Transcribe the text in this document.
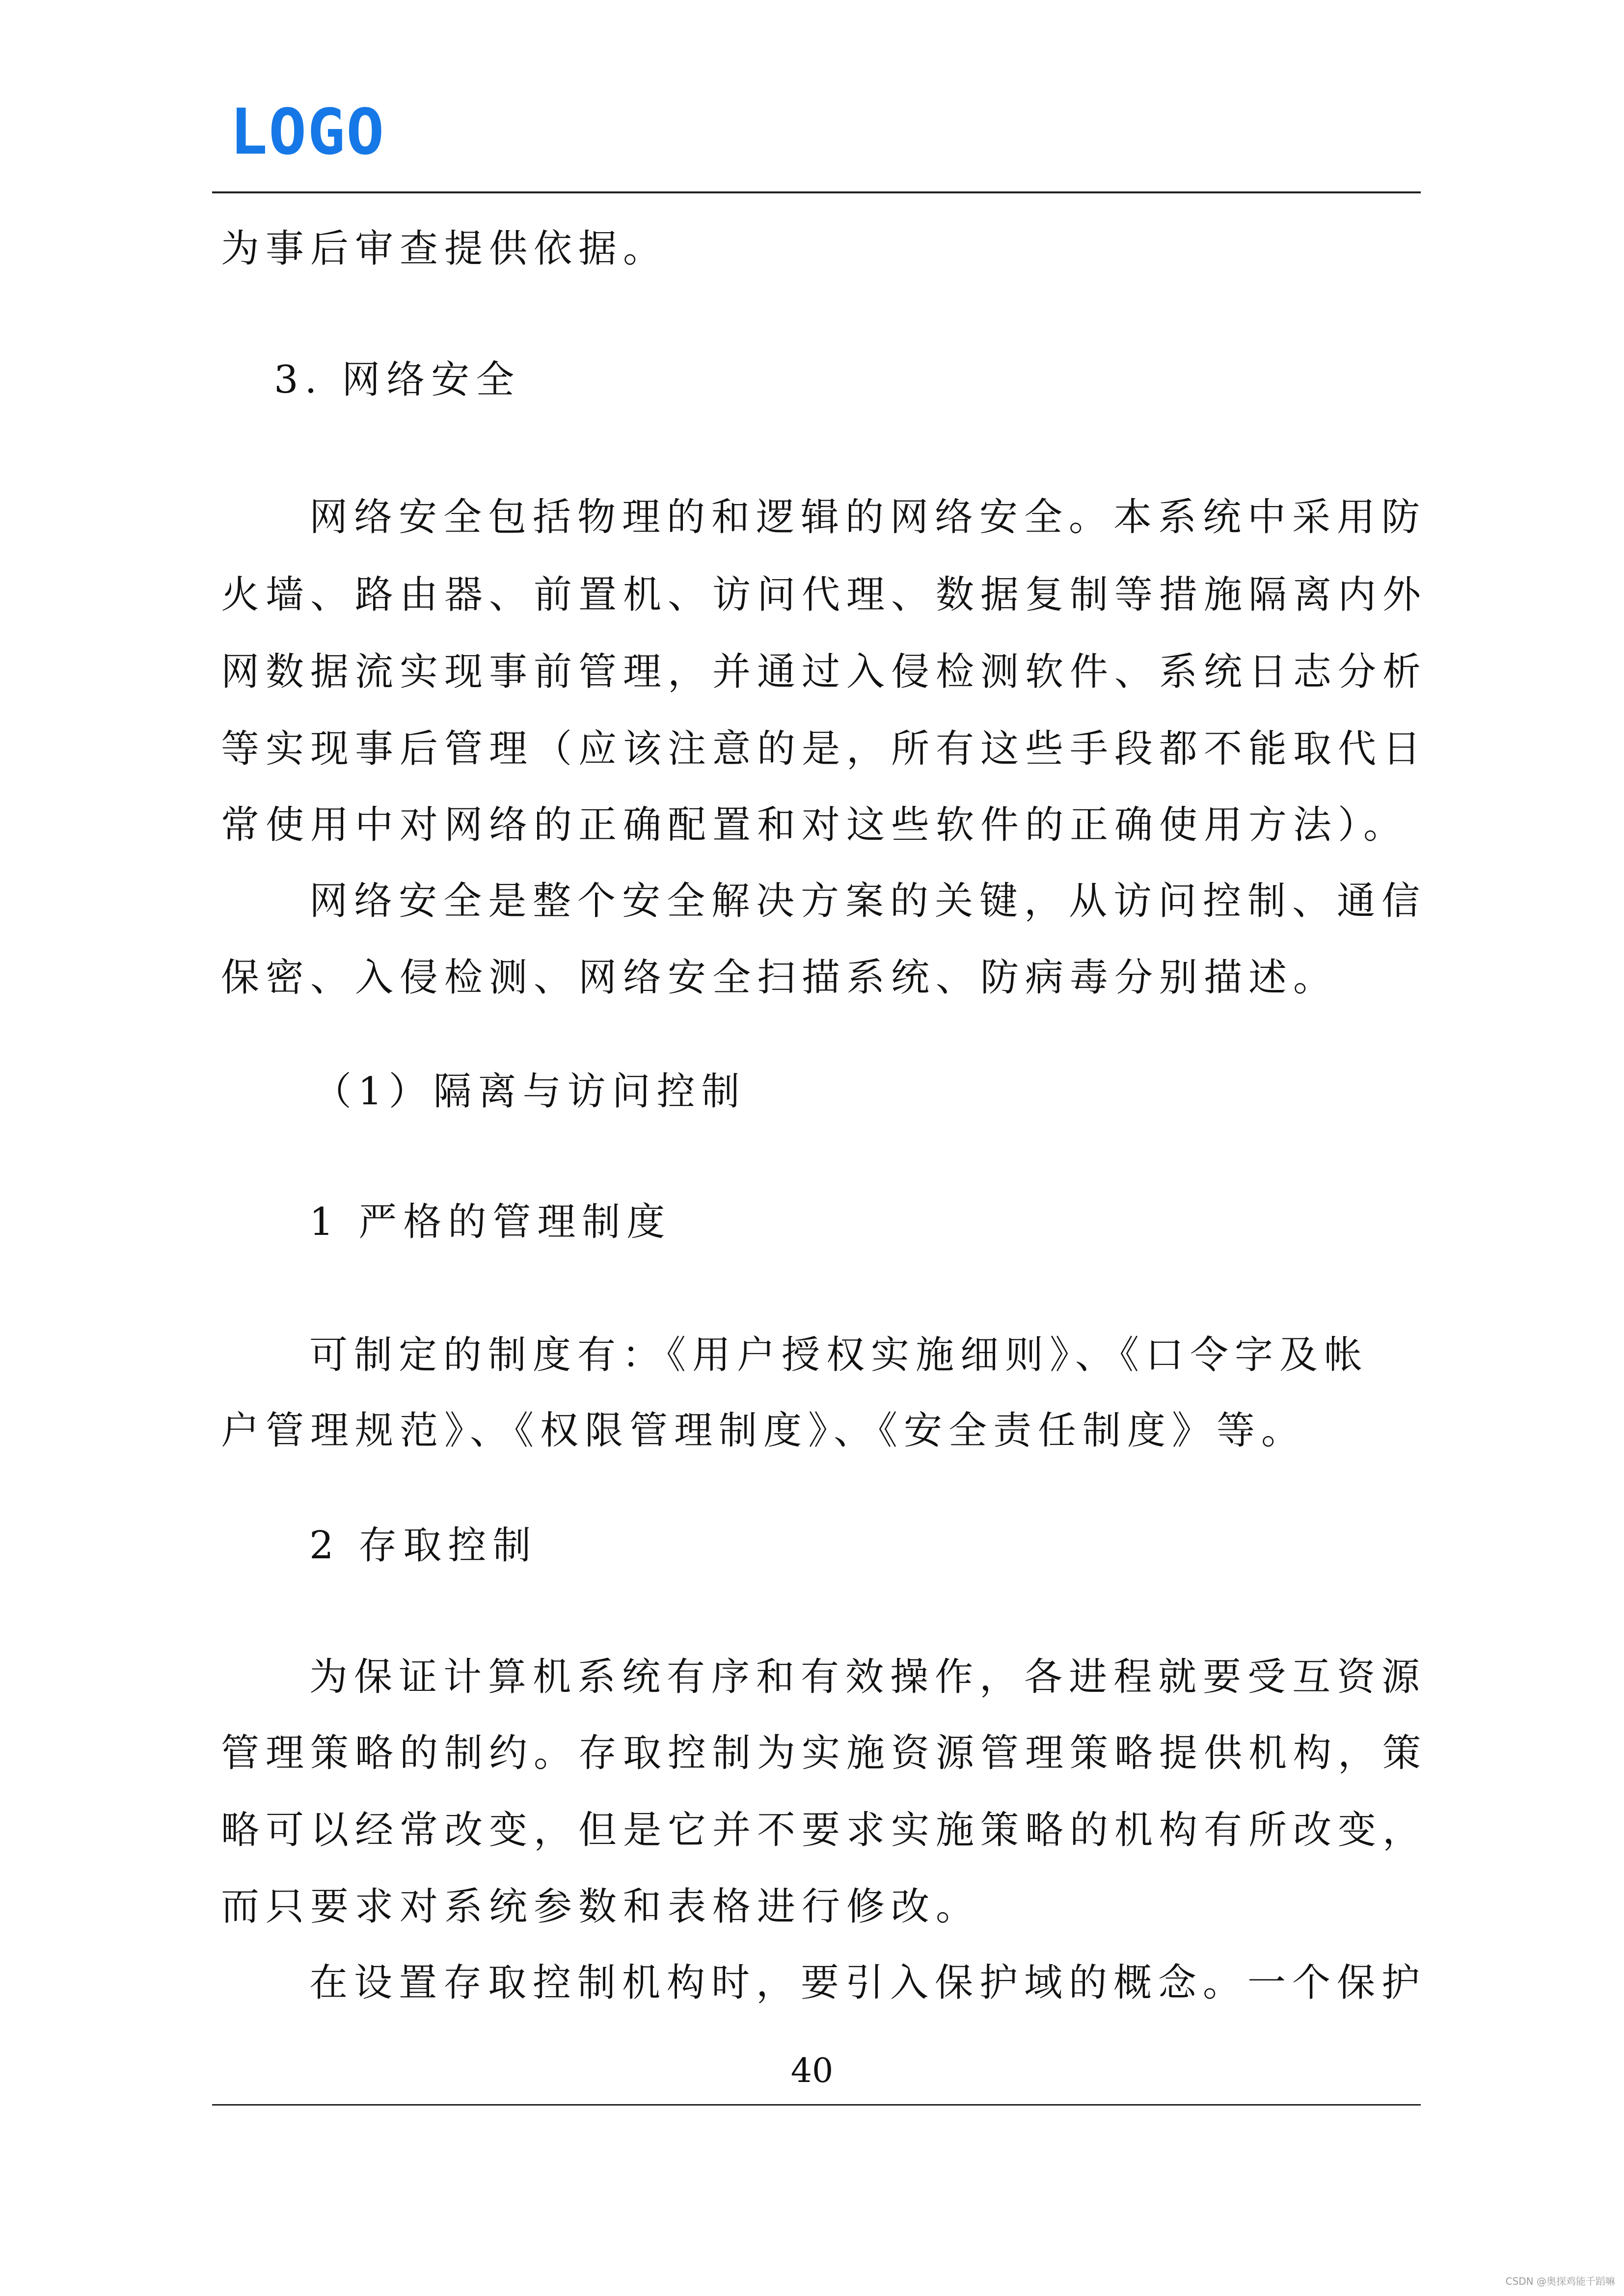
LOGO
为事后审查提供依据。
3. 网络安全
网络安全包括物理的和逻辑的网络安全。本系统中采用防
火墙、路由器、前置机、访问代理、数据复制等措施隔离内外
网数据流实现事前管理，并通过入侵检测软件、系统日志分析
等实现事后管理（应该注意的是，所有这些手段都不能取代日
常使用中对网络的正确配置和对这些软件的正确使用方法）。
网络安全是整个安全解决方案的关键，从访问控制、通信
保密、入侵检测、网络安全扫描系统、防病毒分别描述。
（1）隔离与访问控制
1 严格的管理制度
可制定的制度有：《用户授权实施细则》、《口令字及帐
户管理规范》、《权限管理制度》、《安全责任制度》等。
2 存取控制
为保证计算机系统有序和有效操作，各进程就要受互资源
管理策略的制约。存取控制为实施资源管理策略提供机构，策
略可以经常改变，但是它并不要求实施策略的机构有所改变，
而只要求对系统参数和表格进行修改。
在设置存取控制机构时，要引入保护域的概念。一个保护
40
CSDN @奥探鸡能千蹈嘛
